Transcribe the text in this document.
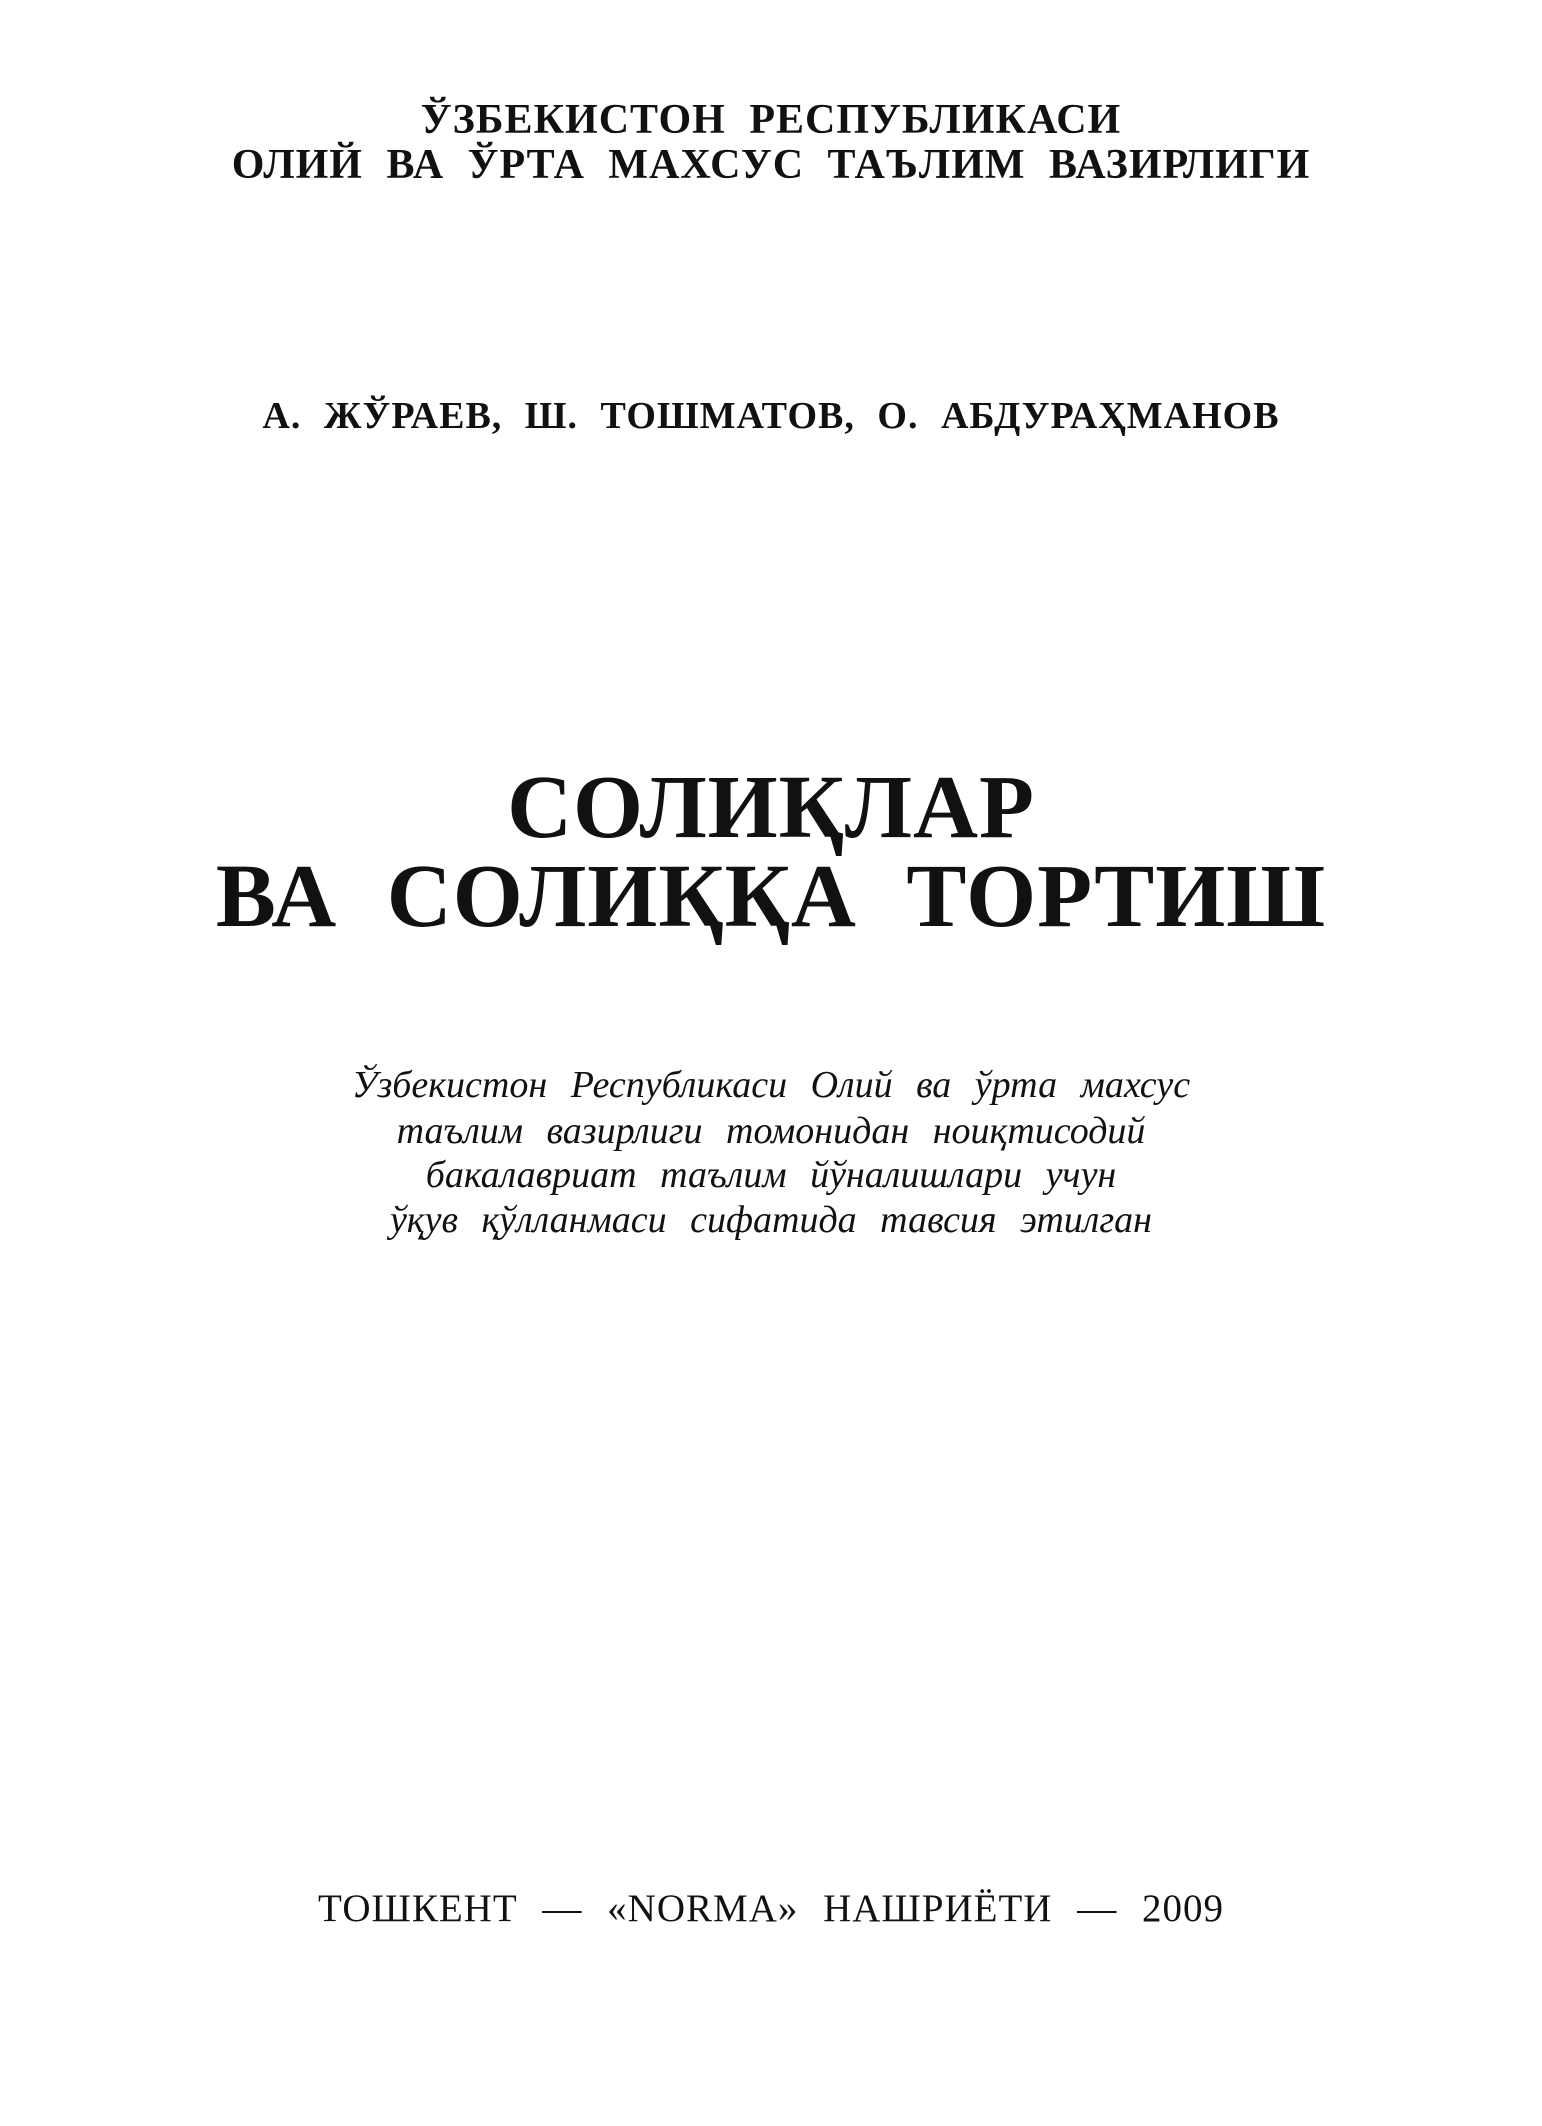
ЎЗБЕКИСТОН РЕСПУБЛИКАСИ
ОЛИЙ ВА ЎРТА МАХСУС ТАЪЛИМ ВАЗИРЛИГИ
А. ЖЎРАЕВ, Ш. ТОШМАТОВ, О. АБДУРАҲМАНОВ
СОЛИҚЛАР
ВА СОЛИҚҚА ТОРТИШ
Ўзбекистон Республикаси Олий ва ўрта махсус
таълим вазирлиги томонидан ноиқтисодий
бакалавриат таълим йўналишлари учун
ўқув қўлланмаси сифатида тавсия этилган
ТОШКЕНТ — «NORMA» НАШРИЁТИ — 2009
